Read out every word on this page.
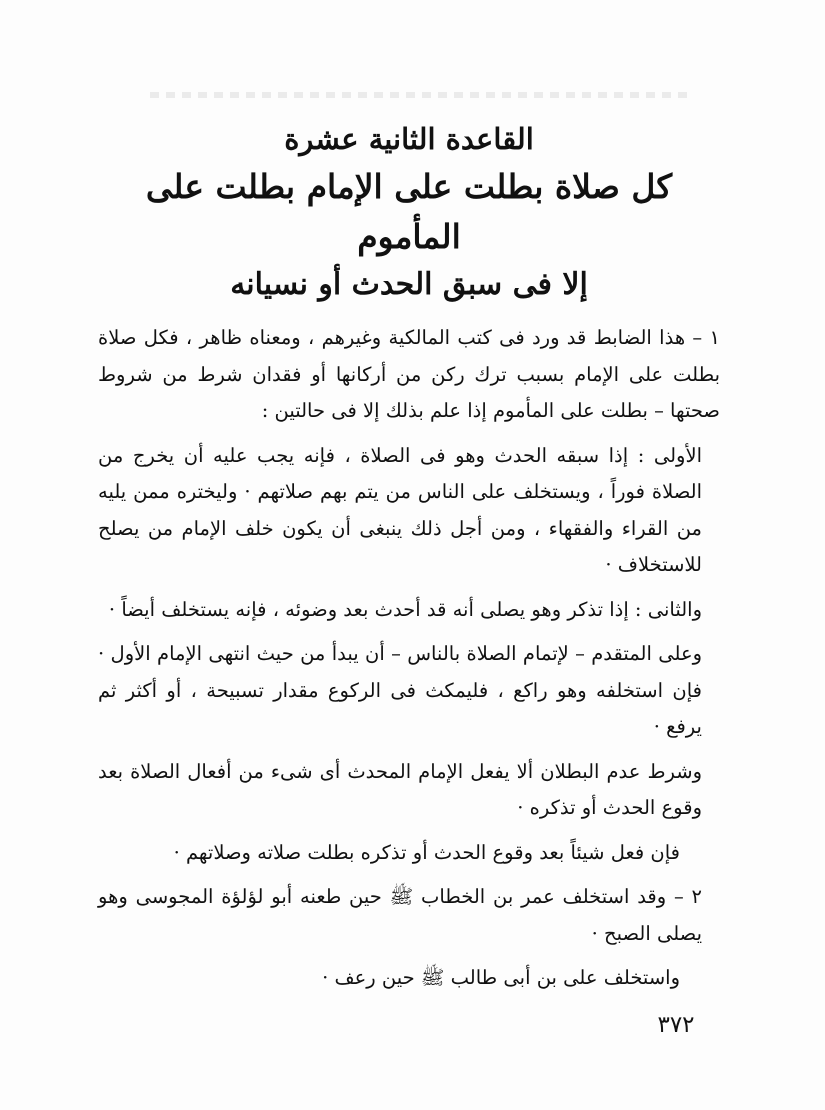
القاعدة الثانية عشرة
كل صلاة بطلت على الإمام بطلت على المأموم
إلا فى سبق الحدث أو نسيانه

١ – هذا الضابط قد ورد فى كتب المالكية وغيرهم ، ومعناه ظاهر ، فكل صلاة بطلت على الإمام بسبب ترك ركن من أركانها أو فقدان شرط من شروط صحتها – بطلت على المأموم إذا علم بذلك إلا فى حالتين :

الأولى : إذا سبقه الحدث وهو فى الصلاة ، فإنه يجب عليه أن يخرج من الصلاة فوراً ، ويستخلف على الناس من يتم بهم صلاتهم · وليختره ممن يليه من القراء والفقهاء ، ومن أجل ذلك ينبغى أن يكون خلف الإمام من يصلح للاستخلاف ·

والثانى : إذا تذكر وهو يصلى أنه قد أحدث بعد وضوئه ، فإنه يستخلف أيضاً ·

وعلى المتقدم – لإتمام الصلاة بالناس – أن يبدأ من حيث انتهى الإمام الأول · فإن استخلفه وهو راكع ، فليمكث فى الركوع مقدار تسبيحة ، أو أكثر ثم يرفع ·

وشرط عدم البطلان ألا يفعل الإمام المحدث أى شىء من أفعال الصلاة بعد وقوع الحدث أو تذكره ·

فإن فعل شيئاً بعد وقوع الحدث أو تذكره بطلت صلاته وصلاتهم ·

٢ – وقد استخلف عمر بن الخطاب ﷺ حين طعنه أبو لؤلؤة المجوسى وهو يصلى الصبح ·

واستخلف على بن أبى طالب ﷺ حين رعف ·

٣٧٢
